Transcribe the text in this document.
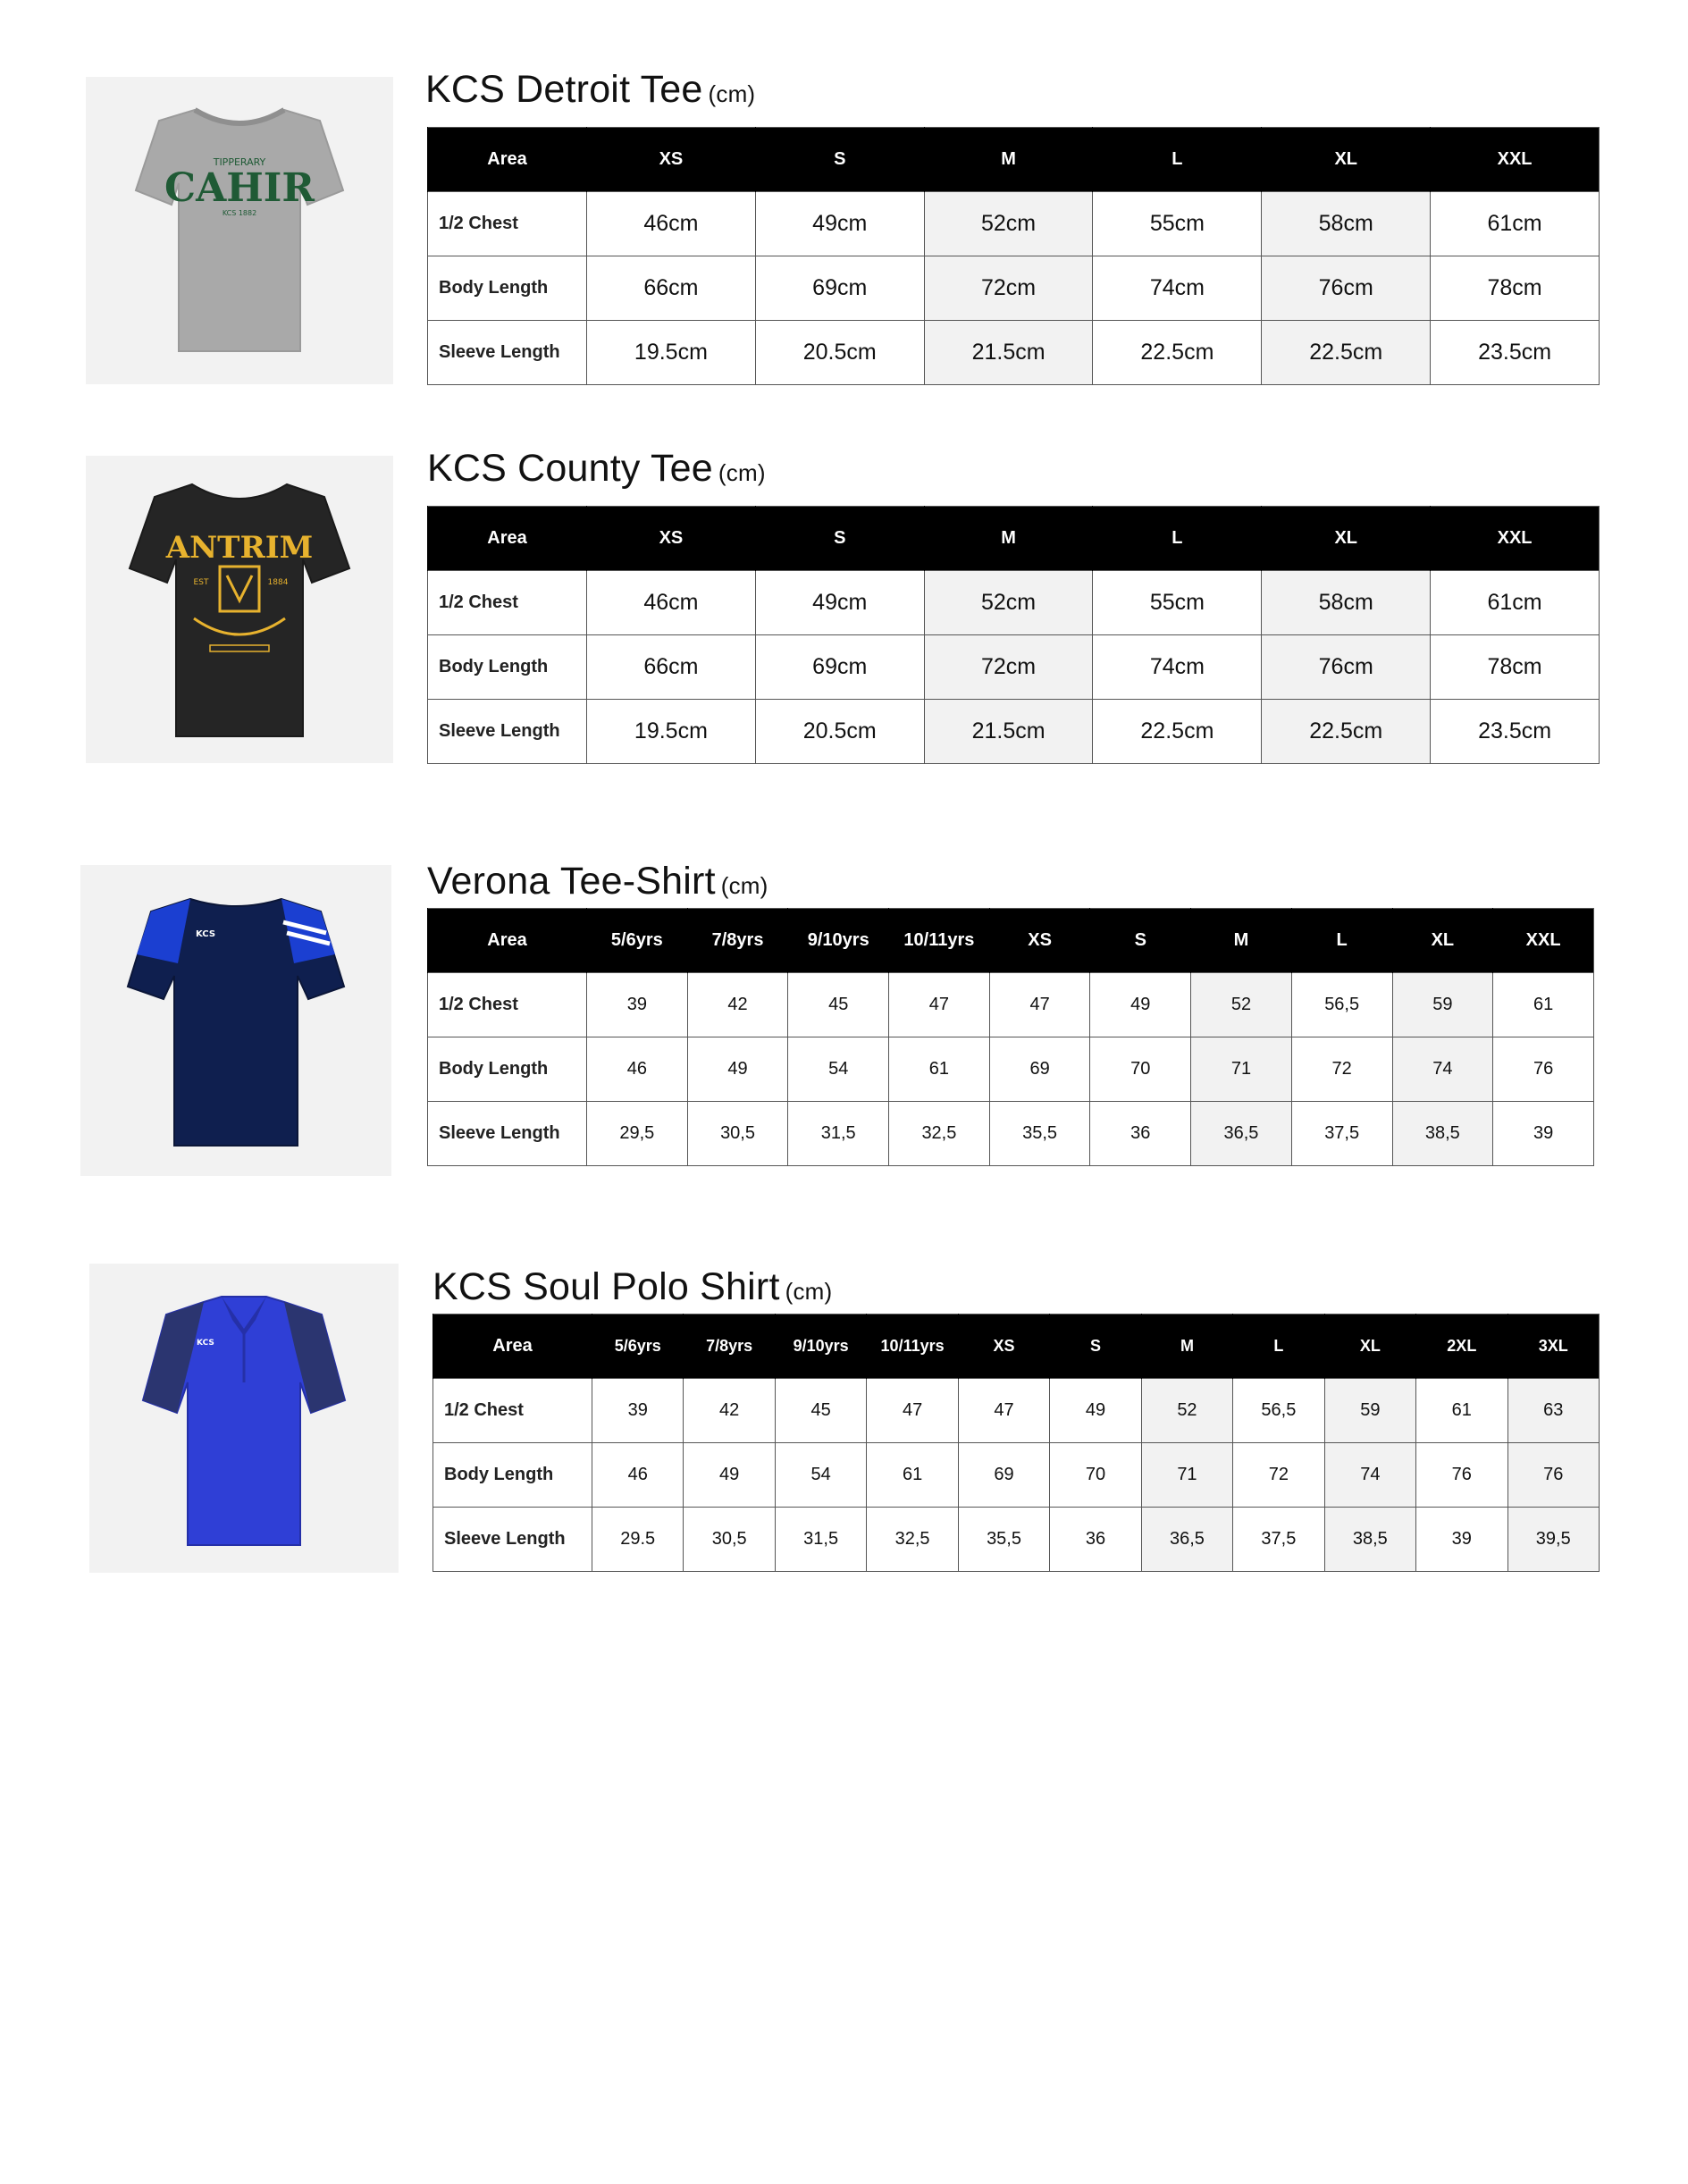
TIPPERARY
CAHIR
KCS 1882
KCS Detroit Tee (cm)
Area	XS	S	M	L	XL	XXL
1/2 Chest	46cm	49cm	52cm	55cm	58cm	61cm
Body Length	66cm	69cm	72cm	74cm	76cm	78cm
Sleeve Length	19.5cm	20.5cm	21.5cm	22.5cm	22.5cm	23.5cm
ANTRIM
EST	1884
KCS County Tee (cm)
Area	XS	S	M	L	XL	XXL
1/2 Chest	46cm	49cm	52cm	55cm	58cm	61cm
Body Length	66cm	69cm	72cm	74cm	76cm	78cm
Sleeve Length	19.5cm	20.5cm	21.5cm	22.5cm	22.5cm	23.5cm
KCS
Verona Tee-Shirt (cm)
Area	5/6yrs	7/8yrs	9/10yrs	10/11yrs	XS	S	M	L	XL	XXL
1/2 Chest	39	42	45	47	47	49	52	56,5	59	61
Body Length	46	49	54	61	69	70	71	72	74	76
Sleeve Length	29,5	30,5	31,5	32,5	35,5	36	36,5	37,5	38,5	39
KCS
KCS Soul Polo Shirt (cm)
Area	5/6yrs	7/8yrs	9/10yrs	10/11yrs	XS	S	M	L	XL	2XL	3XL
1/2 Chest	39	42	45	47	47	49	52	56,5	59	61	63
Body Length	46	49	54	61	69	70	71	72	74	76	76
Sleeve Length	29.5	30,5	31,5	32,5	35,5	36	36,5	37,5	38,5	39	39,5
